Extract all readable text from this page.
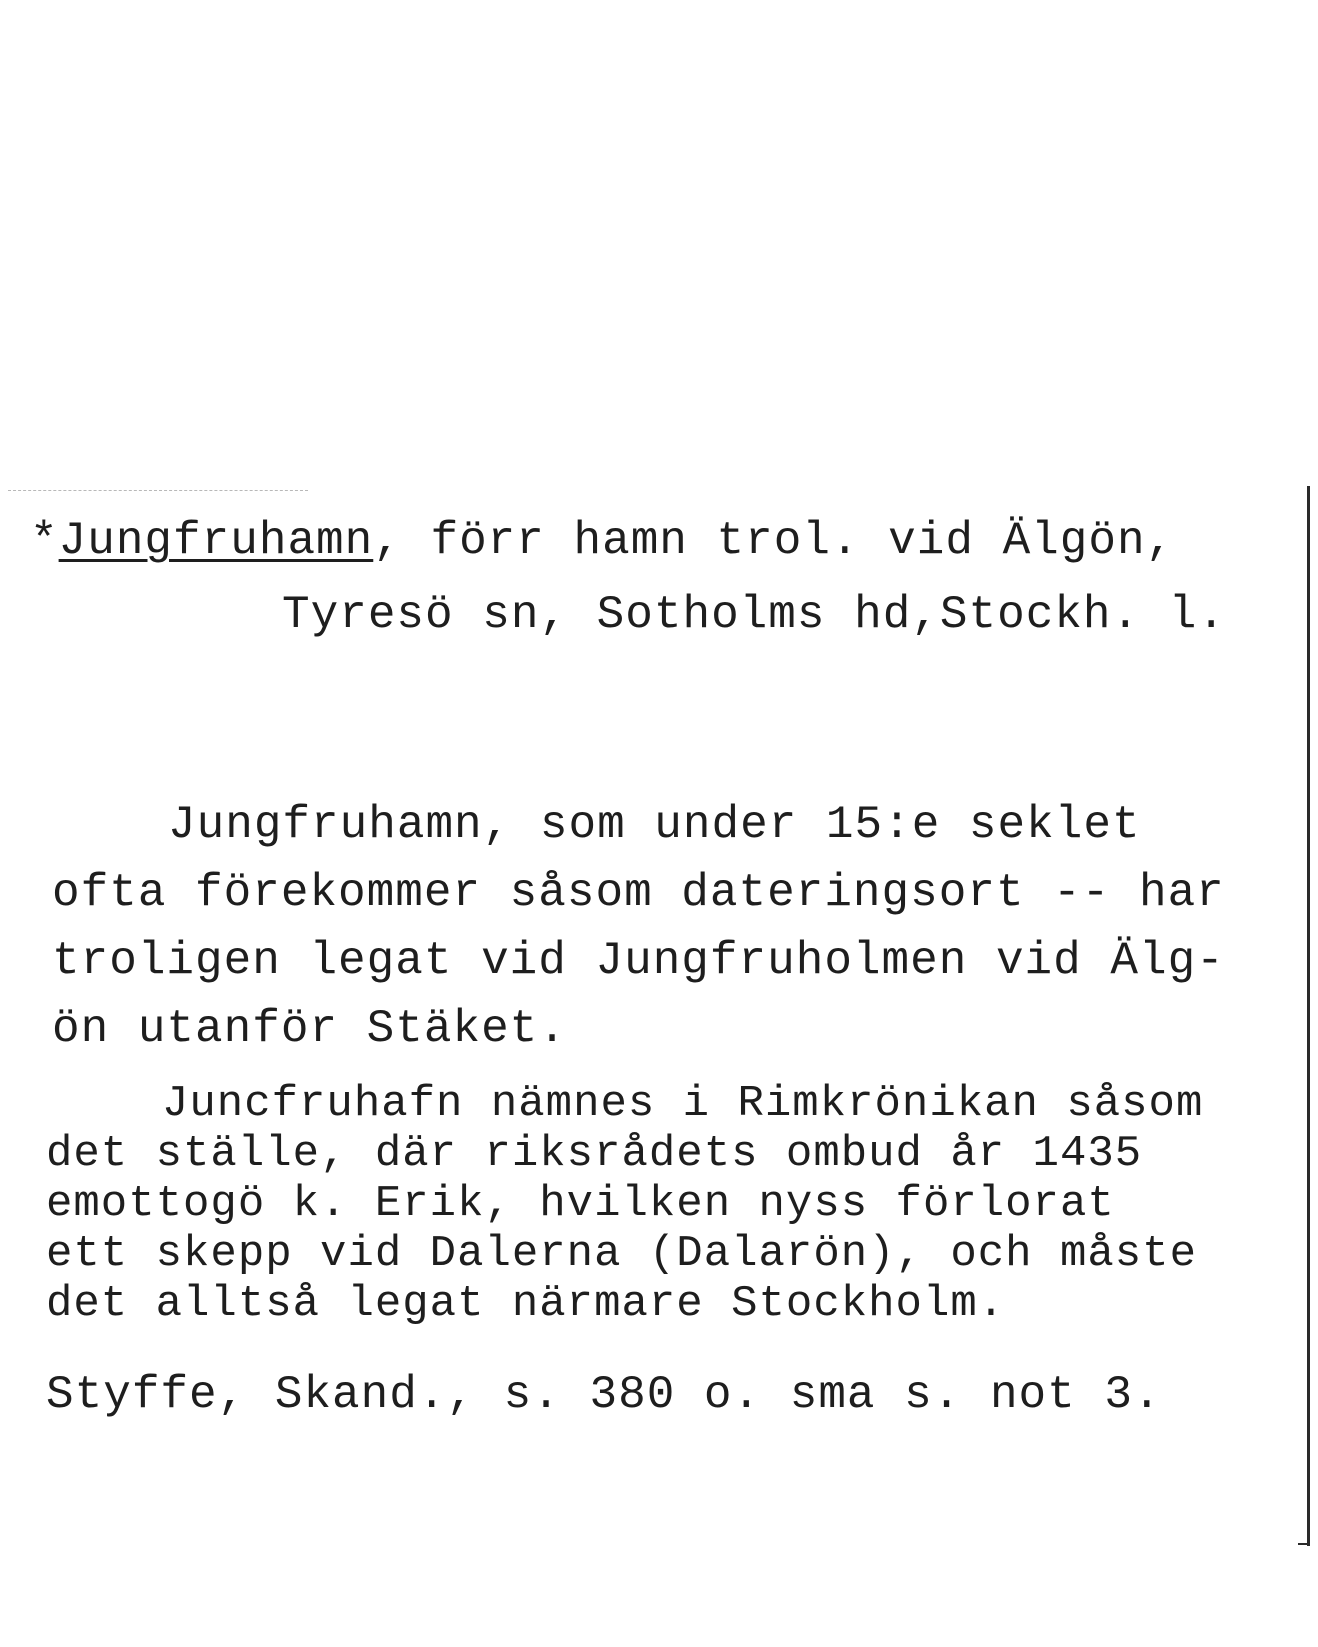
*Jungfruhamn, förr hamn trol. vid Älgön,
Tyresö sn, Sotholms hd,Stockh. l.
Jungfruhamn, som under 15:e seklet
ofta förekommer såsom dateringsort -- har
troligen legat vid Jungfruholmen vid Älg-
ön utanför Stäket.
Juncfruhafn nämnes i Rimkrönikan såsom
det ställe, där riksrådets ombud år 1435
emottogö k. Erik, hvilken nyss förlorat
ett skepp vid Dalerna (Dalarön), och måste
det alltså legat närmare Stockholm.
Styffe, Skand., s. 380 o. sma s. not 3.
